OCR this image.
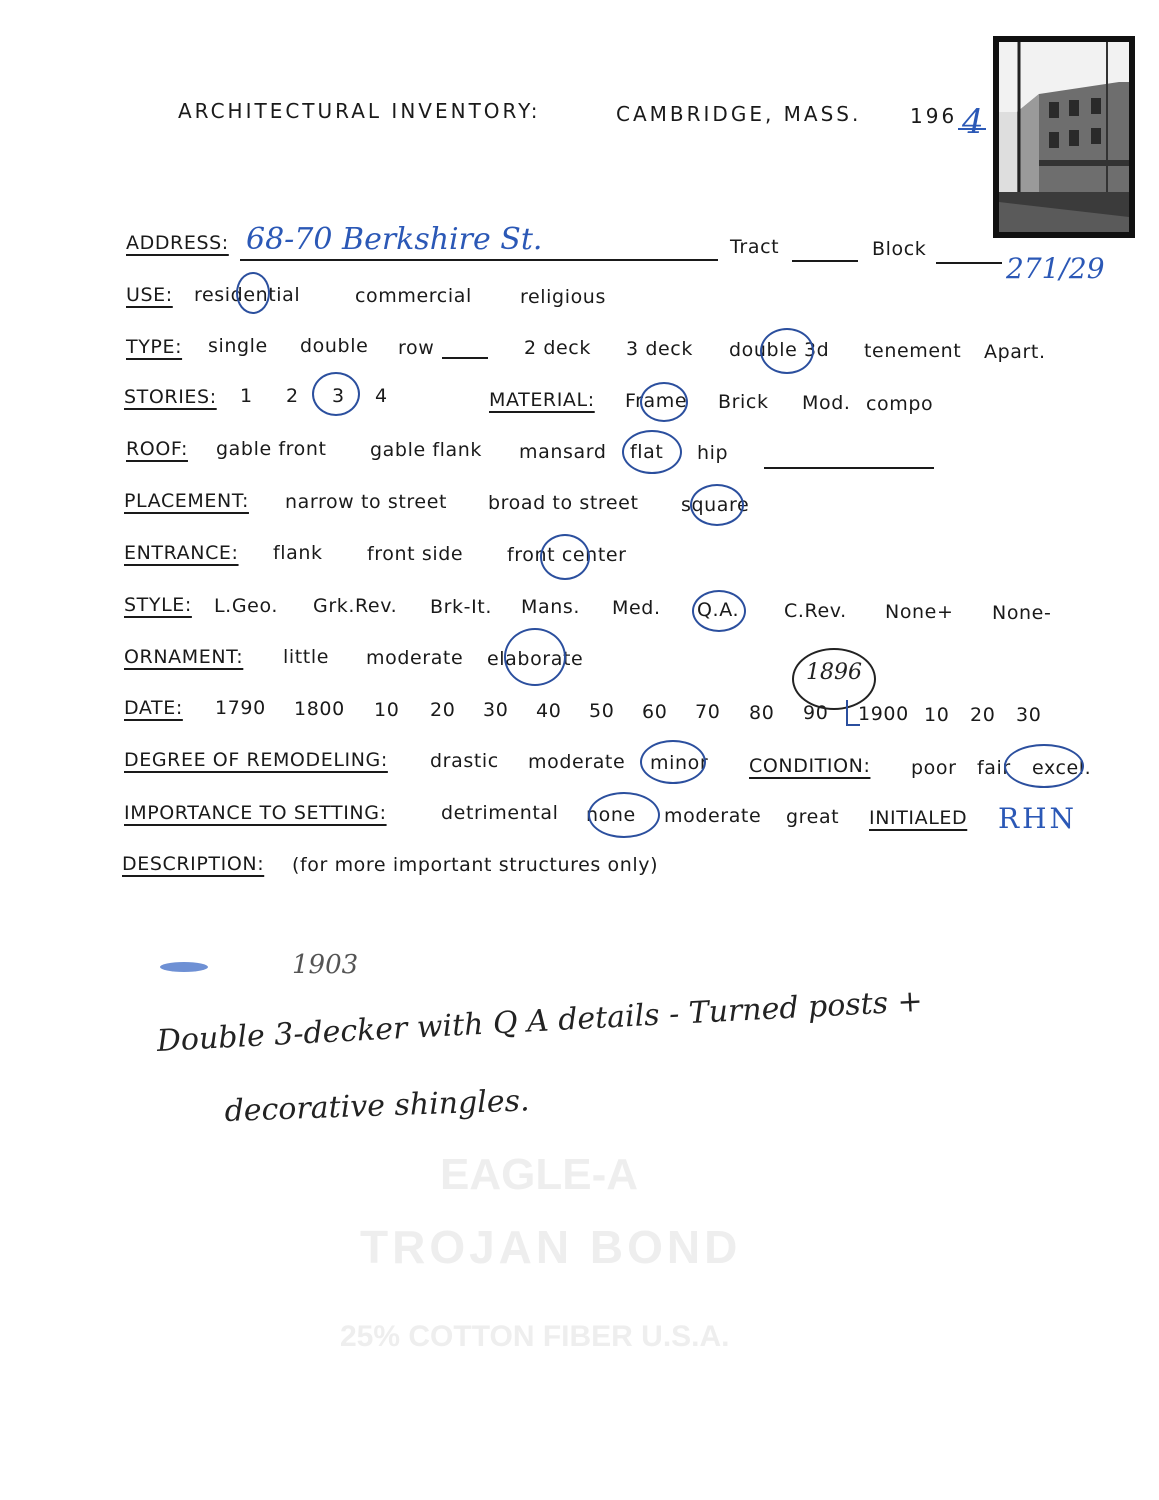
EAGLE-A
TROJAN BOND
25% COTTON FIBER U.S.A.
ARCHITECTURAL INVENTORY:	CAMBRIDGE, MASS. 196 4
ADDRESS: 68-70 Berkshire St.	Tract	Block
271/29
USE: residential	commercial	religious
TYPE: single double row	2 deck 3 deck double 3d tenement Apart.
STORIES: 1 2 3 4	MATERIAL: Frame Brick Mod. compo
ROOF: gable front gable flank mansard flat hip
PLACEMENT: narrow to street broad to street square
ENTRANCE: flank front side front center
STYLE: L.Geo. Grk.Rev. Brk-It. Mans. Med. Q.A. C.Rev. None+ None-
ORNAMENT: little moderate elaborate
DATE: 1790 1800 10 20 30 40 50 60 70 80 90 1900 10 20 30
1896
DEGREE OF REMODELING: drastic moderate minor CONDITION: poor fair excel.
IMPORTANCE TO SETTING:	detrimental none moderate great INITIALED RHN
DESCRIPTION: (for more important structures only)
1903
Double 3-decker with Q A details - Turned posts +
decorative shingles.
